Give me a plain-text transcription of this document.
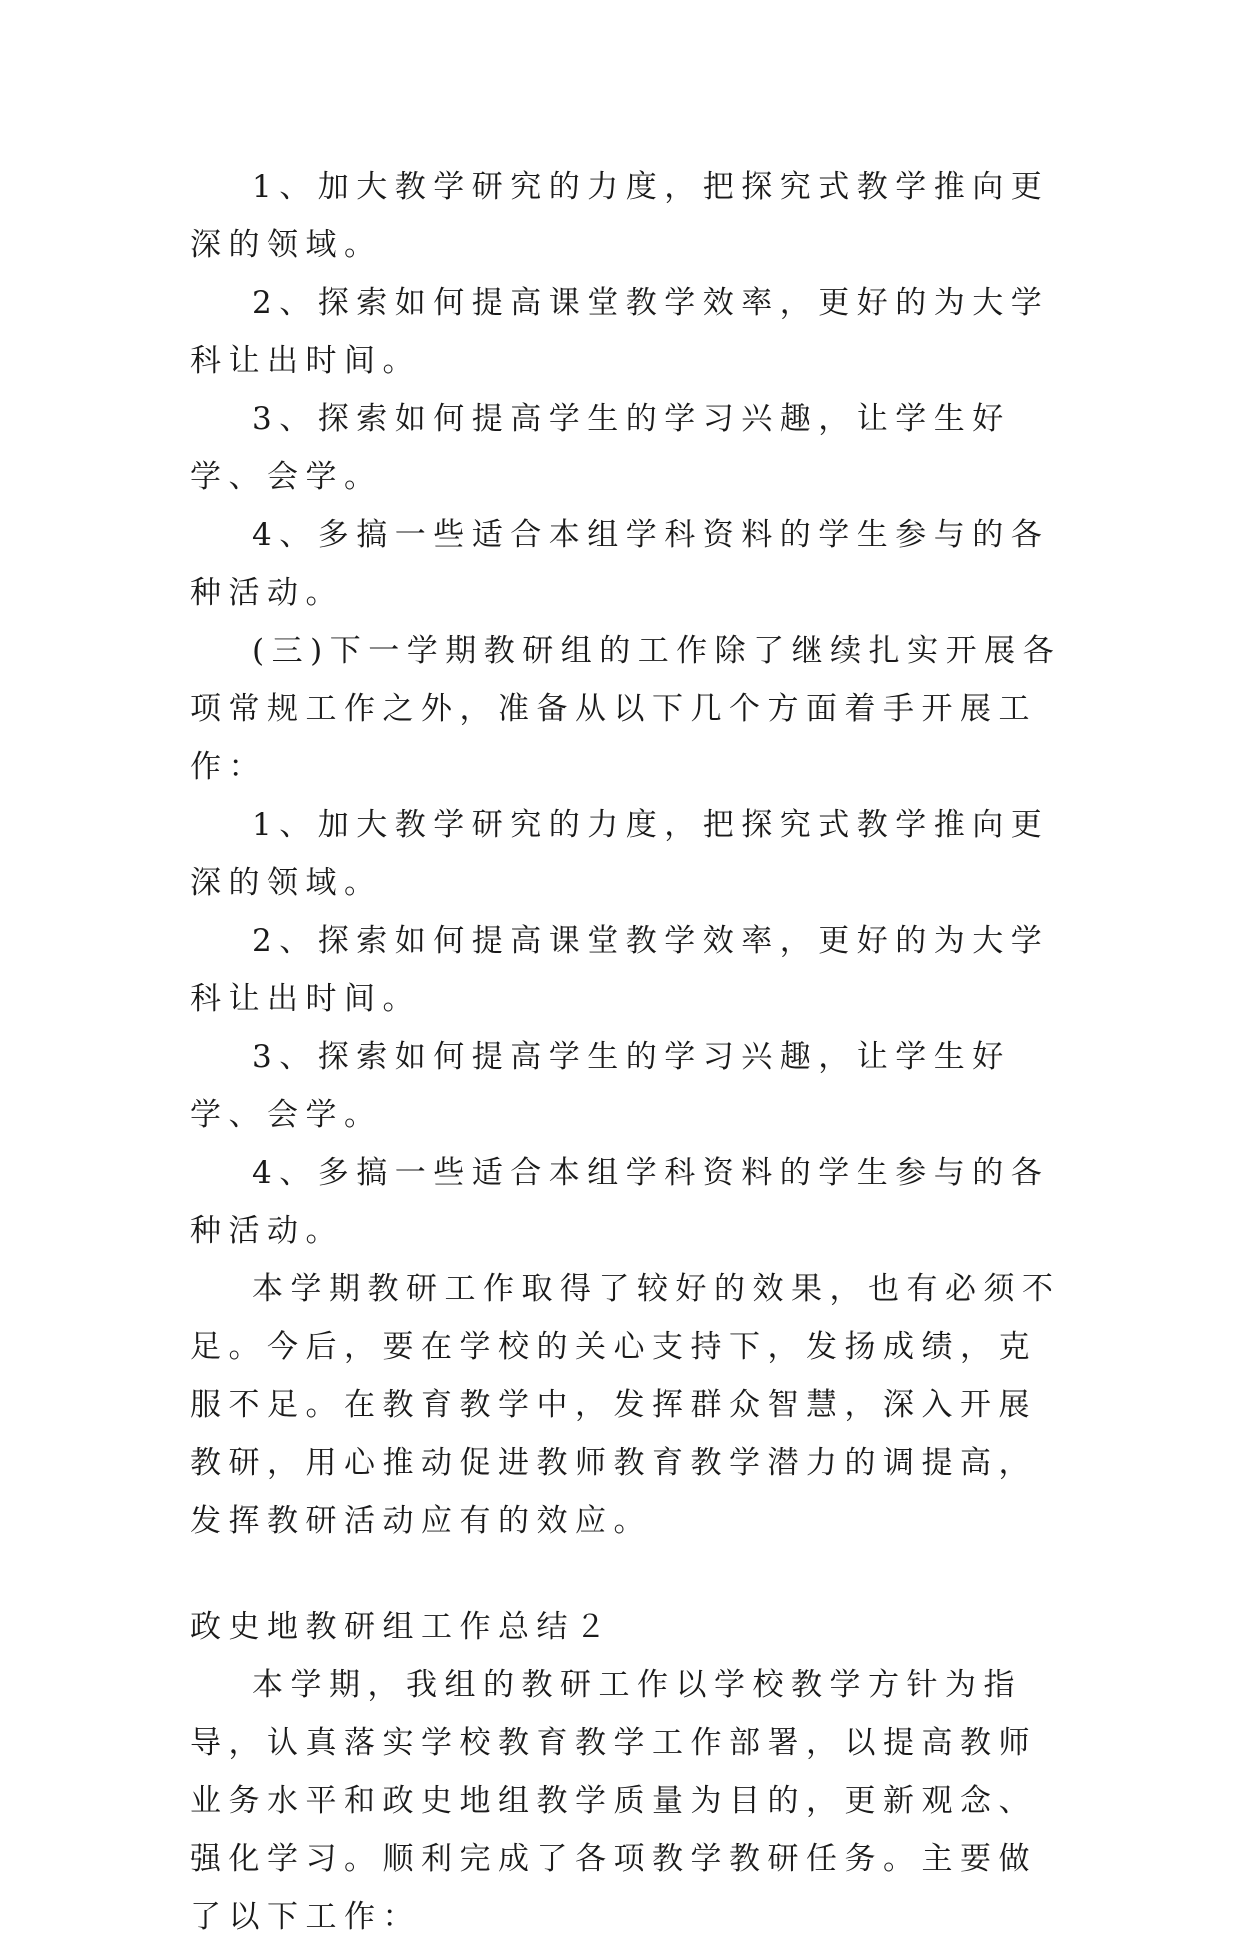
1、加大教学研究的力度，把探究式教学推向更深的领域。

2、探索如何提高课堂教学效率，更好的为大学科让出时间。

3、探索如何提高学生的学习兴趣，让学生好学、会学。

4、多搞一些适合本组学科资料的学生参与的各种活动。

(三)下一学期教研组的工作除了继续扎实开展各项常规工作之外，准备从以下几个方面着手开展工作：

1、加大教学研究的力度，把探究式教学推向更深的领域。

2、探索如何提高课堂教学效率，更好的为大学科让出时间。

3、探索如何提高学生的学习兴趣，让学生好学、会学。

4、多搞一些适合本组学科资料的学生参与的各种活动。

本学期教研工作取得了较好的效果，也有必须不足。今后，要在学校的关心支持下，发扬成绩，克服不足。在教育教学中，发挥群众智慧，深入开展教研，用心推动促进教师教育教学潜力的调提高，发挥教研活动应有的效应。

政史地教研组工作总结２

本学期，我组的教研工作以学校教学方针为指导，认真落实学校教育教学工作部署，以提高教师业务水平和政史地组教学质量为目的，更新观念、强化学习。顺利完成了各项教学教研任务。主要做了以下工作：
